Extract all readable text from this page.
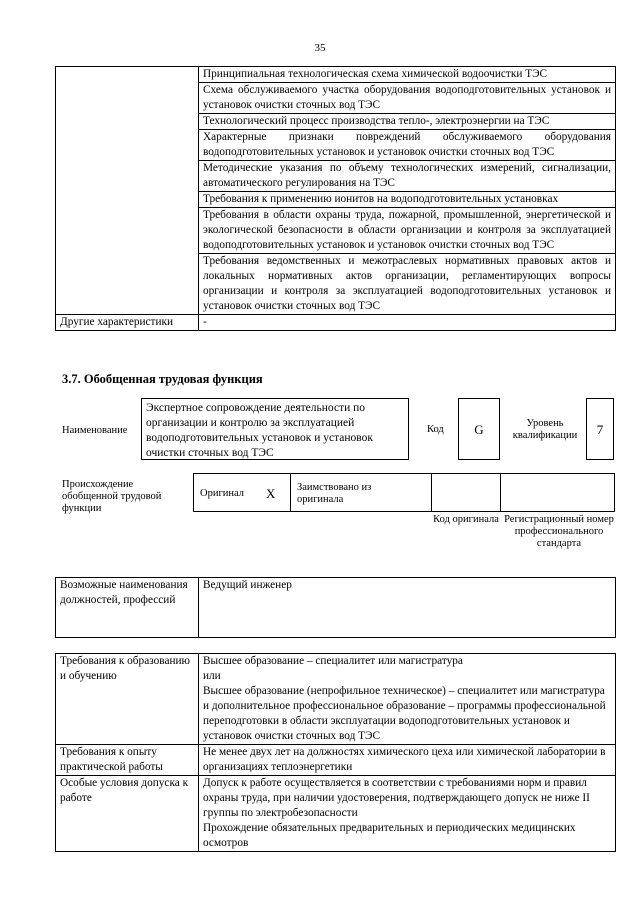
35
	Принципиальная технологическая схема химической водоочистки ТЭС
	Схема обслуживаемого участка оборудования водоподготовительных установок и установок очистки сточных вод ТЭС
	Технологический процесс производства тепло-, электроэнергии на ТЭС
	Характерные признаки повреждений обслуживаемого оборудования водоподготовительных установок и установок очистки сточных вод ТЭС
	Методические указания по объему технологических измерений, сигнализации, автоматического регулирования на ТЭС
	Требования к применению ионитов на водоподготовительных установках
	Требования в области охраны труда, пожарной, промышленной, энергетической и экологической безопасности в области организации и контроля за эксплуатацией водоподготовительных установок и установок очистки сточных вод ТЭС
	Требования ведомственных и межотраслевых нормативных правовых актов и локальных нормативных актов организации, регламентирующих вопросы организации и контроля за эксплуатацией водоподготовительных установок и установок очистки сточных вод ТЭС
Другие характеристики	-
3.7. Обобщенная трудовая функция
Наименование
Экспертное сопровождение деятельности по организации и контролю за эксплуатацией водоподготовительных установок и установок очистки сточных вод ТЭС
Код G	Уровень квалификации	7
Происхождение обобщенной трудовой функции
Оригинал X Заимствовано из оригинала
Код оригинала Регистрационный номер профессионального стандарта
Возможные наименования должностей, профессий	Ведущий инженер
Требования к образованию и обучению	Высшее образование – специалитет или магистратура
или
Высшее образование (непрофильное техническое) – специалитет или магистратура и дополнительное профессиональное образование – программы профессиональной переподготовки в области эксплуатации водоподготовительных установок и установок очистки сточных вод ТЭС

Требования к опыту практической работы	Не менее двух лет на должностях химического цеха или химической лаборатории в организациях теплоэнергетики

Особые условия допуска к работе	Допуск к работе осуществляется в соответствии с требованиями норм и правил охраны труда, при наличии удостоверения, подтверждающего допуск не ниже II группы по электробезопасности
Прохождение обязательных предварительных и периодических медицинских осмотров
